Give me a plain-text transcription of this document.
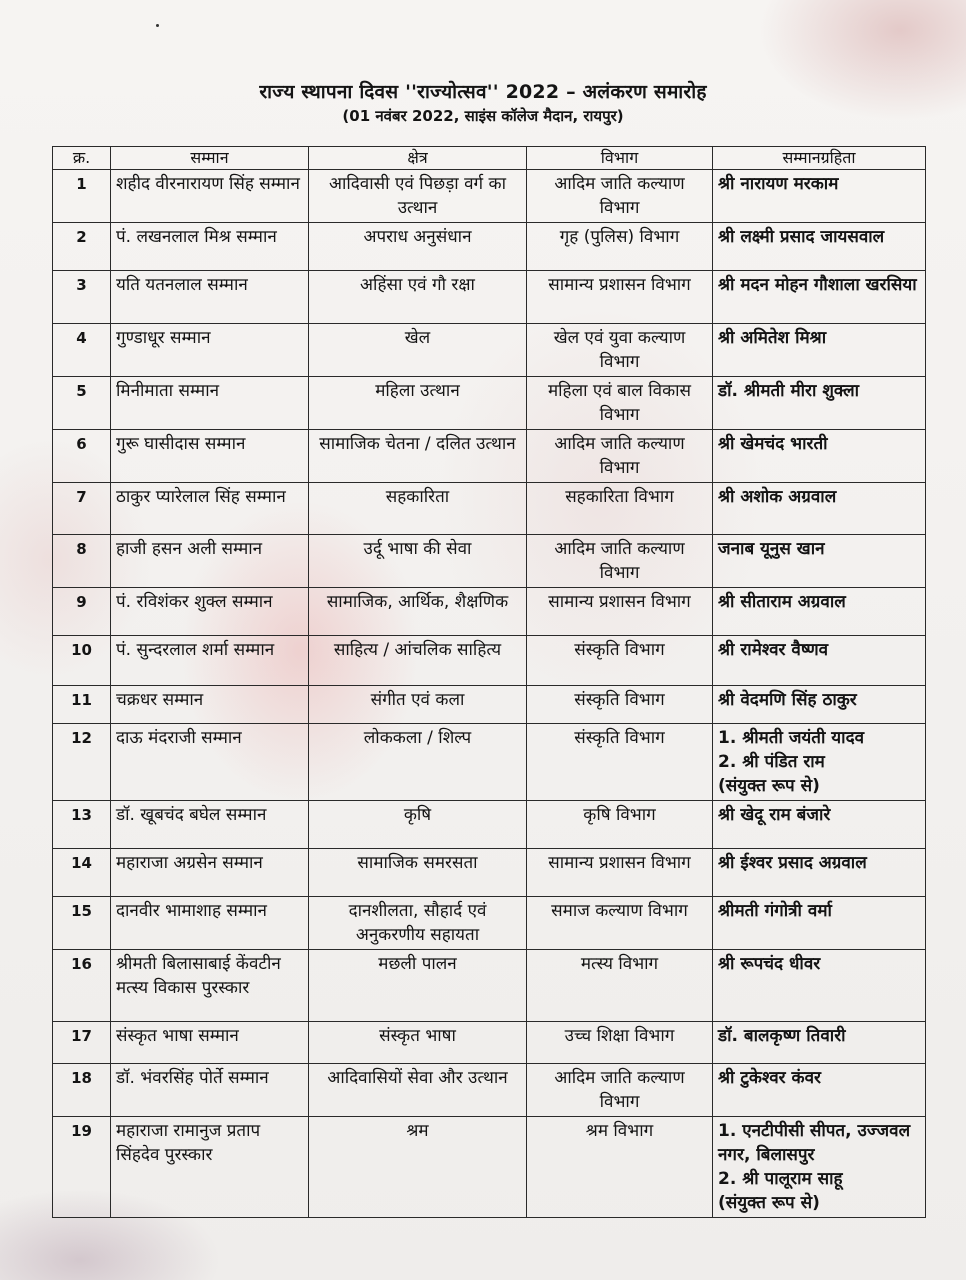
राज्य स्थापना दिवस ''राज्योत्सव'' 2022 – अलंकरण समारोह
(01 नवंबर 2022, साइंस कॉलेज मैदान, रायपुर)
क्र.	सम्मान	क्षेत्र	विभाग	सम्मानग्रहिता
1	शहीद वीरनारायण सिंह सम्मान	आदिवासी एवं पिछड़ा वर्ग का उत्थान	आदिम जाति कल्याण विभाग	श्री नारायण मरकाम

2	पं. लखनलाल मिश्र सम्मान	अपराध अनुसंधान	गृह (पुलिस) विभाग	श्री लक्ष्मी प्रसाद जायसवाल

3	यति यतनलाल सम्मान	अहिंसा एवं गौ रक्षा	सामान्य प्रशासन विभाग	श्री मदन मोहन गौशाला खरसिया

4	गुण्डाधूर सम्मान	खेल	खेल एवं युवा कल्याण विभाग	श्री अमितेश मिश्रा

5	मिनीमाता सम्मान	महिला उत्थान	महिला एवं बाल विकास विभाग	डॉ. श्रीमती मीरा शुक्ला

6	गुरू घासीदास सम्मान	सामाजिक चेतना / दलित उत्थान	आदिम जाति कल्याण विभाग	श्री खेमचंद भारती

7	ठाकुर प्यारेलाल सिंह सम्मान	सहकारिता	सहकारिता विभाग	श्री अशोक अग्रवाल

8	हाजी हसन अली सम्मान	उर्दू भाषा की सेवा	आदिम जाति कल्याण विभाग	जनाब यूनुस खान

9	पं. रविशंकर शुक्ल सम्मान	सामाजिक, आर्थिक, शैक्षणिक	सामान्य प्रशासन विभाग	श्री सीताराम अग्रवाल

10	पं. सुन्दरलाल शर्मा सम्मान	साहित्य / आंचलिक साहित्य	संस्कृति विभाग	श्री रामेश्वर वैष्णव

11	चक्रधर सम्मान	संगीत एवं कला	संस्कृति विभाग	श्री वेदमणि सिंह ठाकुर

12	दाऊ मंदराजी सम्मान	लोककला / शिल्प	संस्कृति विभाग	1. श्रीमती जयंती यादव
2. श्री पंडित राम
(संयुक्त रूप से)

13	डॉ. खूबचंद बघेल सम्मान	कृषि	कृषि विभाग	श्री खेदू राम बंजारे

14	महाराजा अग्रसेन सम्मान	सामाजिक समरसता	सामान्य प्रशासन विभाग	श्री ईश्वर प्रसाद अग्रवाल

15	दानवीर भामाशाह सम्मान	दानशीलता, सौहार्द एवं अनुकरणीय सहायता	समाज कल्याण विभाग	श्रीमती गंगोत्री वर्मा

16	श्रीमती बिलासाबाई केंवटीन मत्स्य विकास पुरस्कार	मछली पालन	मत्स्य विभाग	श्री रूपचंद धीवर

17	संस्कृत भाषा सम्मान	संस्कृत भाषा	उच्च शिक्षा विभाग	डॉ. बालकृष्ण तिवारी

18	डॉ. भंवरसिंह पोर्ते सम्मान	आदिवासियों सेवा और उत्थान	आदिम जाति कल्याण विभाग	श्री टुकेश्वर कंवर

19	महाराजा रामानुज प्रताप सिंहदेव पुरस्कार	श्रम	श्रम विभाग	1. एनटीपीसी सीपत, उज्जवल नगर, बिलासपुर
2. श्री पालूराम साहू
(संयुक्त रूप से)
